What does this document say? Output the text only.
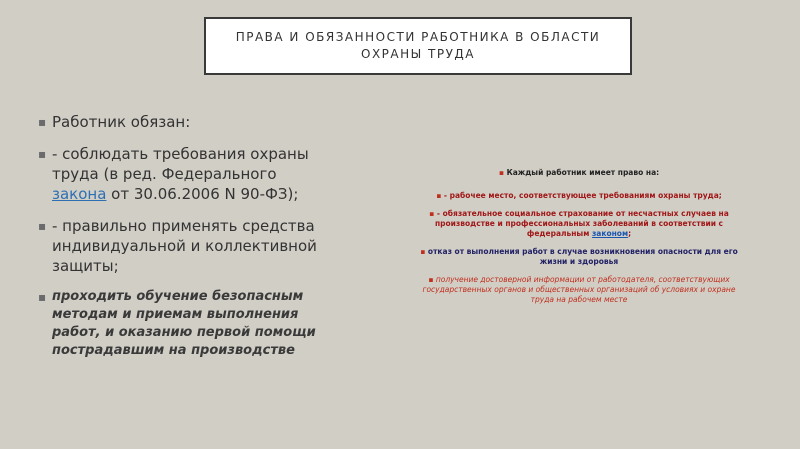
ПРАВА И ОБЯЗАННОСТИ РАБОТНИКА В ОБЛАСТИ
ОХРАНЫ ТРУДА
▪ Работник обязан:
▪ - соблюдать требования охраны труда (в ред. Федерального закона от 30.06.2006 N 90-ФЗ);
▪ - правильно применять средства индивидуальной и коллективной защиты;
▪ проходить обучение безопасным методам и приемам выполнения работ, и оказанию первой помощи пострадавшим на производстве
▪ Каждый работник имеет право на:
▪ - рабочее место, соответствующее требованиям охраны труда;
▪ - обязательное социальное страхование от несчастных случаев на производстве и профессиональных заболеваний в соответствии с федеральным законом;
▪ отказ от выполнения работ в случае возникновения опасности для его жизни и здоровья
▪ получение достоверной информации от работодателя, соответствующих государственных органов и общественных организаций об условиях и охране труда на рабочем месте
